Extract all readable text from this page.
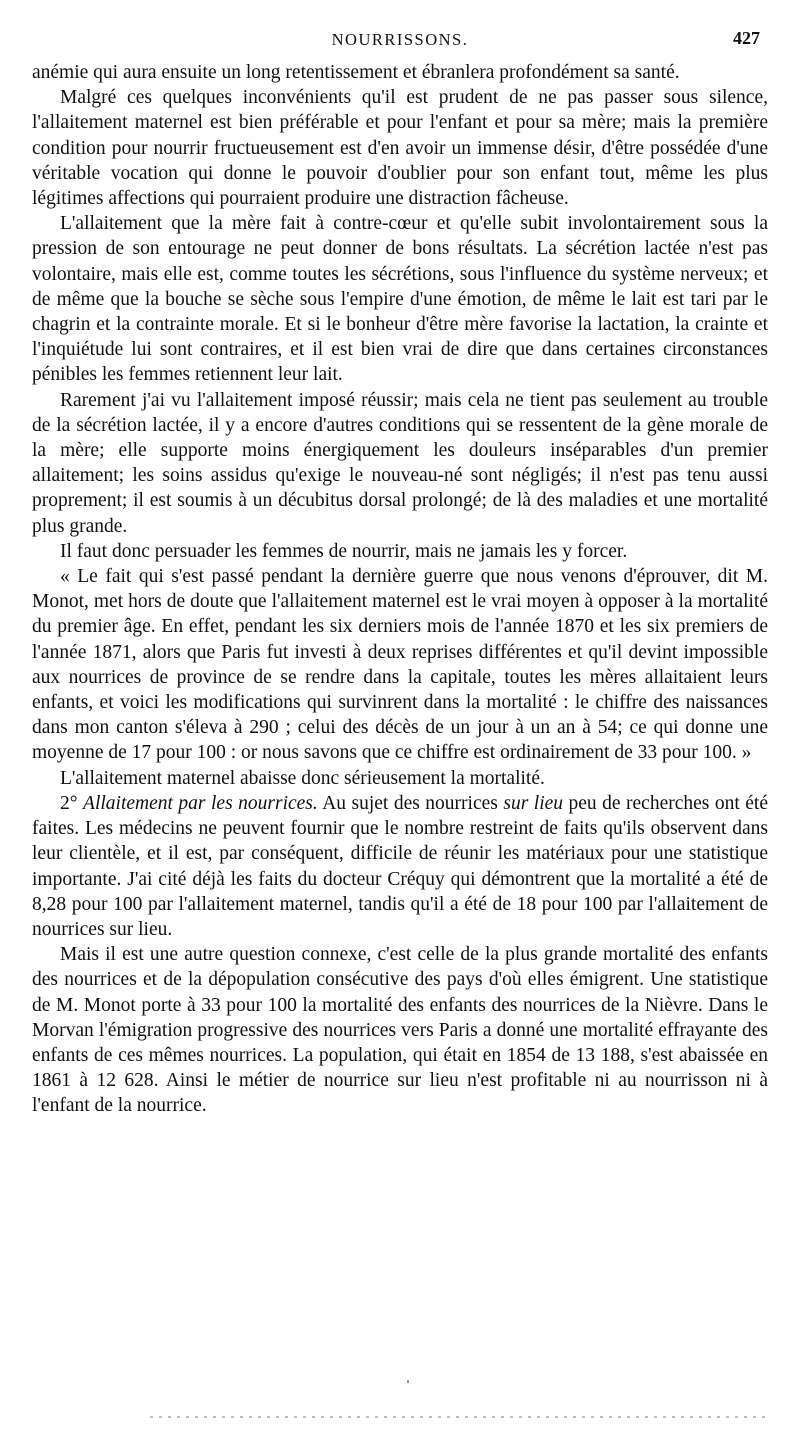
NOURRISSONS.	427

anémie qui aura ensuite un long retentissement et ébranlera profondément sa santé.

Malgré ces quelques inconvénients qu'il est prudent de ne pas passer sous silence, l'allaitement maternel est bien préférable et pour l'enfant et pour sa mère; mais la première condition pour nourrir fructueusement est d'en avoir un immense désir, d'être possédée d'une véritable vocation qui donne le pouvoir d'oublier pour son enfant tout, même les plus légitimes affections qui pourraient produire une distraction fâcheuse.

L'allaitement que la mère fait à contre-cœur et qu'elle subit involontairement sous la pression de son entourage ne peut donner de bons résultats. La sécrétion lactée n'est pas volontaire, mais elle est, comme toutes les sécrétions, sous l'influence du système nerveux; et de même que la bouche se sèche sous l'empire d'une émotion, de même le lait est tari par le chagrin et la contrainte morale. Et si le bonheur d'être mère favorise la lactation, la crainte et l'inquiétude lui sont contraires, et il est bien vrai de dire que dans certaines circonstances pénibles les femmes retiennent leur lait.

Rarement j'ai vu l'allaitement imposé réussir; mais cela ne tient pas seulement au trouble de la sécrétion lactée, il y a encore d'autres conditions qui se ressentent de la gène morale de la mère; elle supporte moins énergiquement les douleurs inséparables d'un premier allaitement; les soins assidus qu'exige le nouveau-né sont négligés; il n'est pas tenu aussi proprement; il est soumis à un décubitus dorsal prolongé; de là des maladies et une mortalité plus grande.

Il faut donc persuader les femmes de nourrir, mais ne jamais les y forcer.

« Le fait qui s'est passé pendant la dernière guerre que nous venons d'éprouver, dit M. Monot, met hors de doute que l'allaitement maternel est le vrai moyen à opposer à la mortalité du premier âge. En effet, pendant les six derniers mois de l'année 1870 et les six premiers de l'année 1871, alors que Paris fut investi à deux reprises différentes et qu'il devint impossible aux nourrices de province de se rendre dans la capitale, toutes les mères allaitaient leurs enfants, et voici les modifications qui survinrent dans la mortalité : le chiffre des naissances dans mon canton s'éleva à 290 ; celui des décès de un jour à un an à 54; ce qui donne une moyenne de 17 pour 100 : or nous savons que ce chiffre est ordinairement de 33 pour 100. »

L'allaitement maternel abaisse donc sérieusement la mortalité.

2° Allaitement par les nourrices. Au sujet des nourrices sur lieu peu de recherches ont été faites. Les médecins ne peuvent fournir que le nombre restreint de faits qu'ils observent dans leur clientèle, et il est, par conséquent, difficile de réunir les matériaux pour une statistique importante. J'ai cité déjà les faits du docteur Créquy qui démontrent que la mortalité a été de 8,28 pour 100 par l'allaitement maternel, tandis qu'il a été de 18 pour 100 par l'allaitement de nourrices sur lieu.

Mais il est une autre question connexe, c'est celle de la plus grande mortalité des enfants des nourrices et de la dépopulation consécutive des pays d'où elles émigrent. Une statistique de M. Monot porte à 33 pour 100 la mortalité des enfants des nourrices de la Nièvre. Dans le Morvan l'émigration progressive des nourrices vers Paris a donné une mortalité effrayante des enfants de ces mêmes nourrices. La population, qui était en 1854 de 13 188, s'est abaissée en 1861 à 12 628. Ainsi le métier de nourrice sur lieu n'est profitable ni au nourrisson ni à l'enfant de la nourrice.
